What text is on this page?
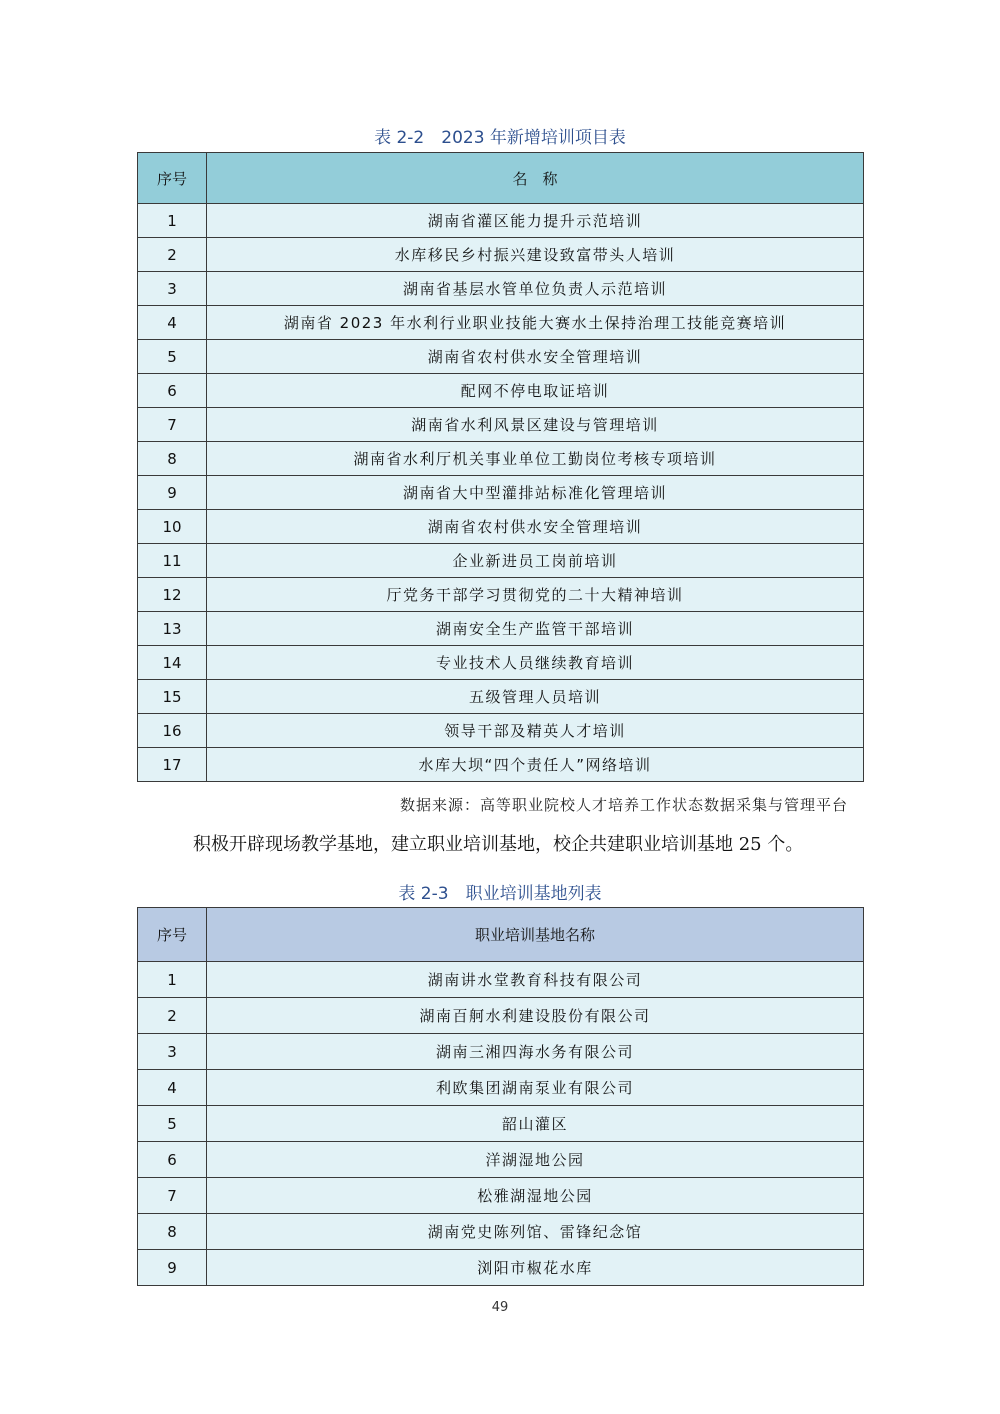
表 2-2　2023 年新增培训项目表
序号	名　称
1	湖南省灌区能力提升示范培训
2	水库移民乡村振兴建设致富带头人培训
3	湖南省基层水管单位负责人示范培训
4	湖南省 2023 年水利行业职业技能大赛水土保持治理工技能竞赛培训
5	湖南省农村供水安全管理培训
6	配网不停电取证培训
7	湖南省水利风景区建设与管理培训
8	湖南省水利厅机关事业单位工勤岗位考核专项培训
9	湖南省大中型灌排站标准化管理培训
10	湖南省农村供水安全管理培训
11	企业新进员工岗前培训
12	厅党务干部学习贯彻党的二十大精神培训
13	湖南安全生产监管干部培训
14	专业技术人员继续教育培训
15	五级管理人员培训
16	领导干部及精英人才培训
17	水库大坝“四个责任人”网络培训
数据来源：高等职业院校人才培养工作状态数据采集与管理平台
积极开辟现场教学基地，建立职业培训基地，校企共建职业培训基地 25 个。
表 2-3　职业培训基地列表
序号	职业培训基地名称
1	湖南讲水堂教育科技有限公司
2	湖南百舸水利建设股份有限公司
3	湖南三湘四海水务有限公司
4	利欧集团湖南泵业有限公司
5	韶山灌区
6	洋湖湿地公园
7	松雅湖湿地公园
8	湖南党史陈列馆、雷锋纪念馆
9	浏阳市椒花水库
49
